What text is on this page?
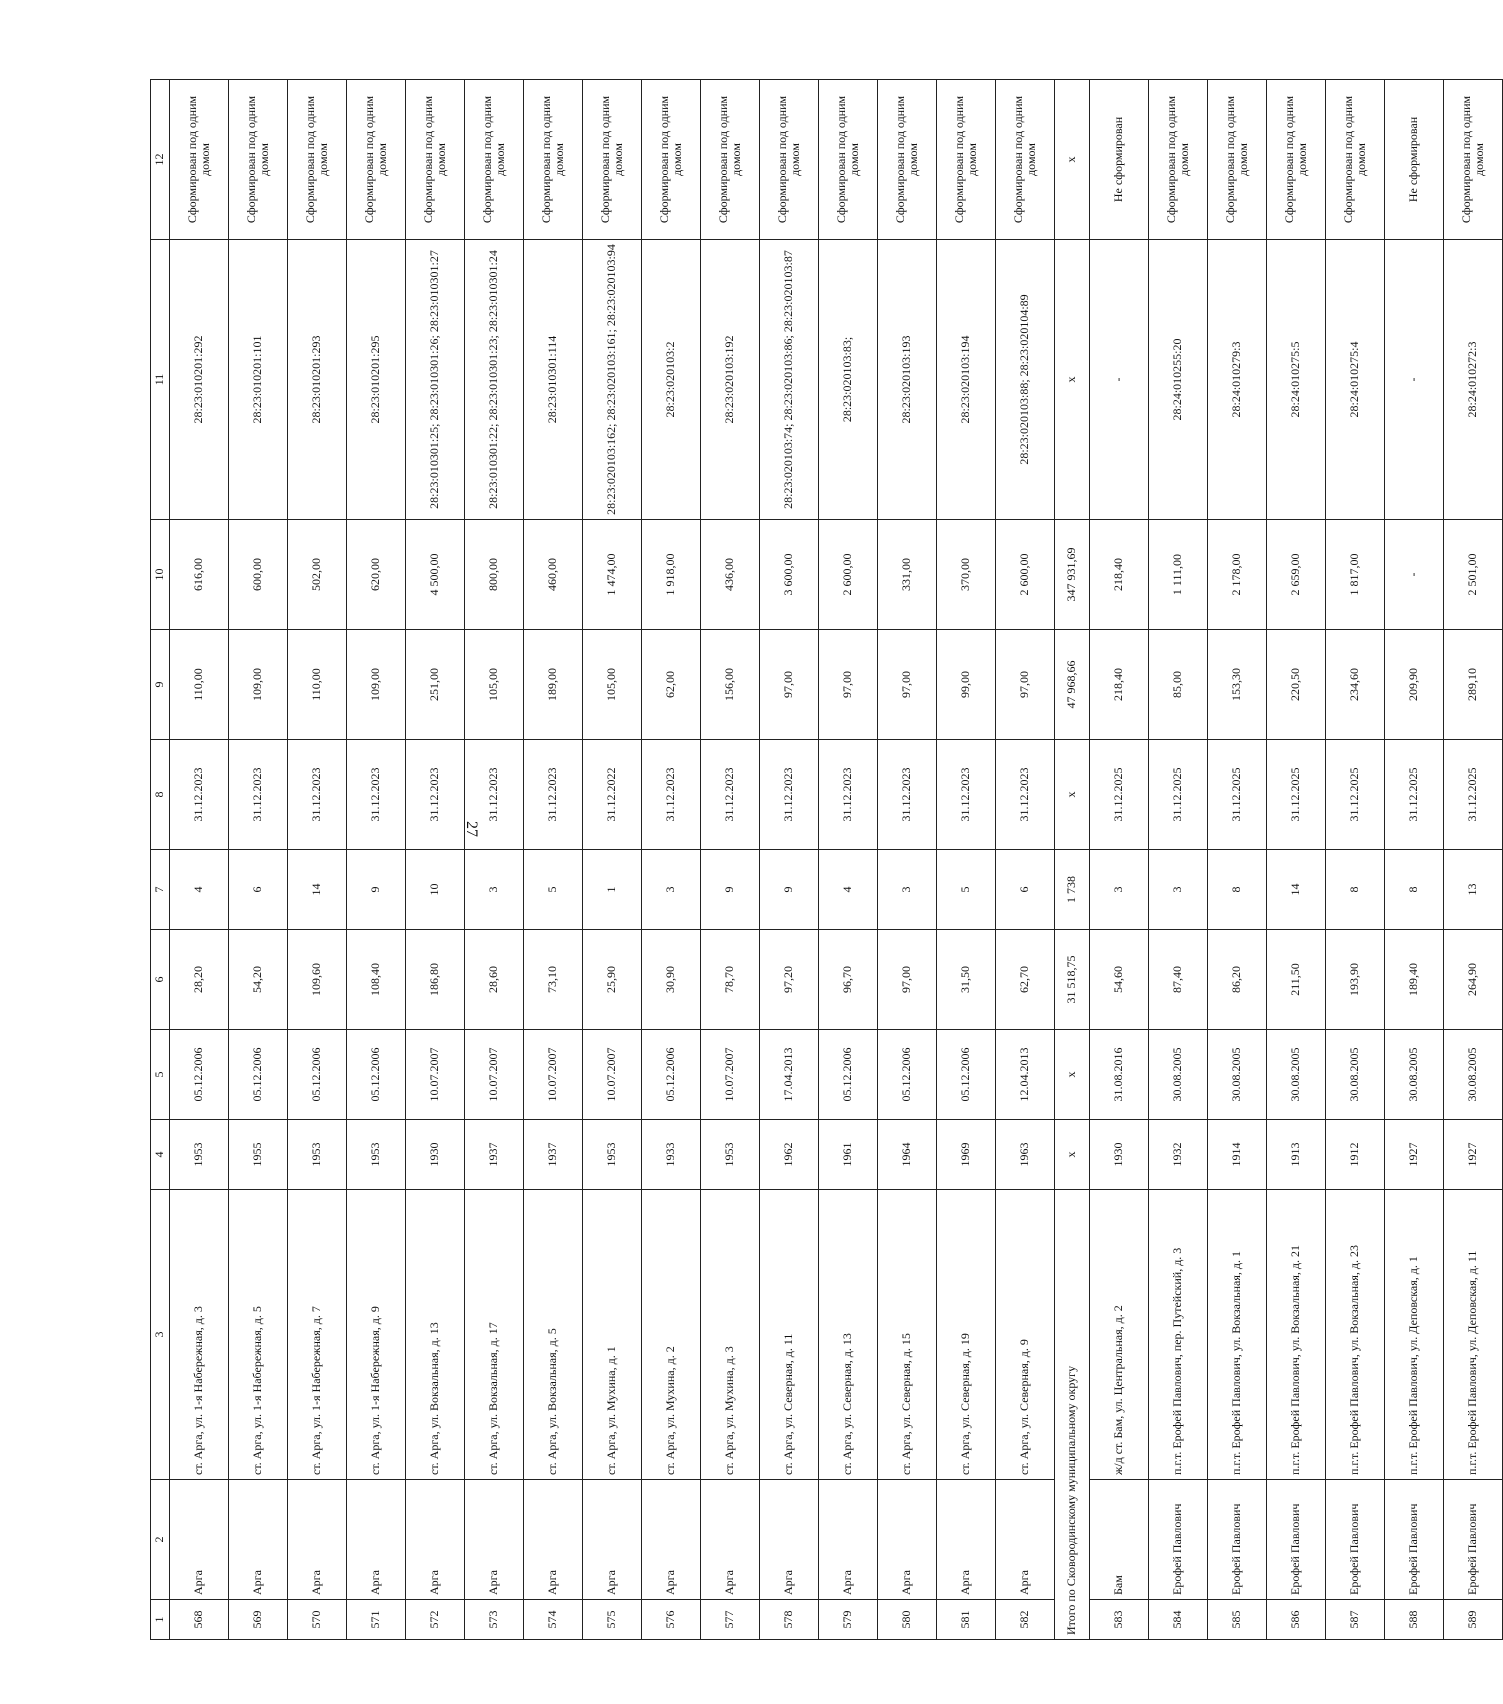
27
1	2	3	4	5	6	7	8	9	10	11	12
568	Арга	ст. Арга, ул. 1-я Набережная, д. 3	1953	05.12.2006	28,20	4	31.12.2023	110,00	616,00	28:23:010201:292	Сформирован под одним домом
569	Арга	ст. Арга, ул. 1-я Набережная, д. 5	1955	05.12.2006	54,20	6	31.12.2023	109,00	600,00	28:23:010201:101	Сформирован под одним домом
570	Арга	ст. Арга, ул. 1-я Набережная, д. 7	1953	05.12.2006	109,60	14	31.12.2023	110,00	502,00	28:23:010201:293	Сформирован под одним домом
571	Арга	ст. Арга, ул. 1-я Набережная, д. 9	1953	05.12.2006	108,40	9	31.12.2023	109,00	620,00	28:23:010201:295	Сформирован под одним домом
572	Арга	ст. Арга, ул. Вокзальная, д. 13	1930	10.07.2007	186,80	10	31.12.2023	251,00	4 500,00	28:23:010301:25; 28:23:010301:26; 28:23:010301:27	Сформирован под одним домом
573	Арга	ст. Арга, ул. Вокзальная, д. 17	1937	10.07.2007	28,60	3	31.12.2023	105,00	800,00	28:23:010301:22; 28:23:010301:23; 28:23:010301:24	Сформирован под одним домом
574	Арга	ст. Арга, ул. Вокзальная, д. 5	1937	10.07.2007	73,10	5	31.12.2023	189,00	460,00	28:23:010301:114	Сформирован под одним домом
575	Арга	ст. Арга, ул. Мухина, д. 1	1953	10.07.2007	25,90	1	31.12.2022	105,00	1 474,00	28:23:020103:162; 28:23:020103:161; 28:23:020103:94	Сформирован под одним домом
576	Арга	ст. Арга, ул. Мухина, д. 2	1933	05.12.2006	30,90	3	31.12.2023	62,00	1 918,00	28:23:020103:2	Сформирован под одним домом
577	Арга	ст. Арга, ул. Мухина, д. 3	1953	10.07.2007	78,70	9	31.12.2023	156,00	436,00	28:23:020103:192	Сформирован под одним домом
578	Арга	ст. Арга, ул. Северная, д. 11	1962	17.04.2013	97,20	9	31.12.2023	97,00	3 600,00	28:23:020103:74; 28:23:020103:86; 28:23:020103:87	Сформирован под одним домом
579	Арга	ст. Арга, ул. Северная, д. 13	1961	05.12.2006	96,70	4	31.12.2023	97,00	2 600,00	28:23:020103:83;	Сформирован под одним домом
580	Арга	ст. Арга, ул. Северная, д. 15	1964	05.12.2006	97,00	3	31.12.2023	97,00	331,00	28:23:020103:193	Сформирован под одним домом
581	Арга	ст. Арга, ул. Северная, д. 19	1969	05.12.2006	31,50	5	31.12.2023	99,00	370,00	28:23:020103:194	Сформирован под одним домом
582	Арга	ст. Арга, ул. Северная, д. 9	1963	12.04.2013	62,70	6	31.12.2023	97,00	2 600,00	28:23:020103:88; 28:23:020104:89	Сформирован под одним домом
Итого по Сковородинскому муниципальному округу			x	x	31 518,75	1 738	x	47 968,66	347 931,69	x	x
583	Бам	ж/д ст. Бам, ул. Центральная, д. 2	1930	31.08.2016	54,60	3	31.12.2025	218,40	218,40	-	Не сформирован
584	Ерофей Павлович	п.г.т. Ерофей Павлович, пер. Путейский, д. 3	1932	30.08.2005	87,40	3	31.12.2025	85,00	1 111,00	28:24:010255:20	Сформирован под одним домом
585	Ерофей Павлович	п.г.т. Ерофей Павлович, ул. Вокзальная, д. 1	1914	30.08.2005	86,20	8	31.12.2025	153,30	2 178,00	28:24:010279:3	Сформирован под одним домом
586	Ерофей Павлович	п.г.т. Ерофей Павлович, ул. Вокзальная, д. 21	1913	30.08.2005	211,50	14	31.12.2025	220,50	2 659,00	28:24:010275:5	Сформирован под одним домом
587	Ерофей Павлович	п.г.т. Ерофей Павлович, ул. Вокзальная, д. 23	1912	30.08.2005	193,90	8	31.12.2025	234,60	1 817,00	28:24:010275:4	Сформирован под одним домом
588	Ерофей Павлович	п.г.т. Ерофей Павлович, ул. Деповская, д. 1	1927	30.08.2005	189,40	8	31.12.2025	209,90	-	-	Не сформирован
589	Ерофей Павлович	п.г.т. Ерофей Павлович, ул. Деповская, д. 11	1927	30.08.2005	264,90	13	31.12.2025	289,10	2 501,00	28:24:010272:3	Сформирован под одним домом
